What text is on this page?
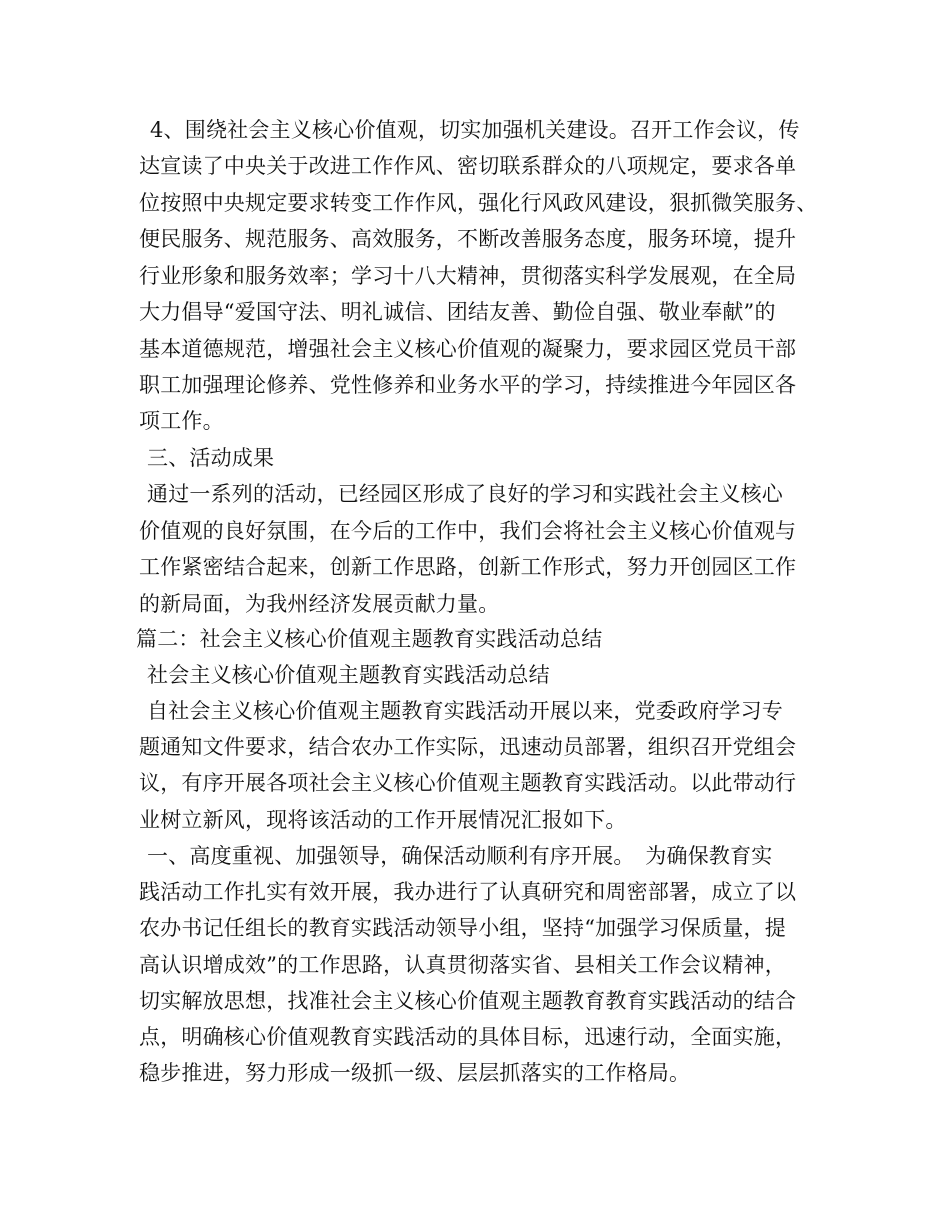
4、围绕社会主义核心价值观，切实加强机关建设。召开工作会议，传
达宣读了中央关于改进工作作风、密切联系群众的八项规定，要求各单
位按照中央规定要求转变工作作风，强化行风政风建设，狠抓微笑服务、
便民服务、规范服务、高效服务，不断改善服务态度，服务环境，提升
行业形象和服务效率；学习十八大精神，贯彻落实科学发展观，在全局
大力倡导“爱国守法、明礼诚信、团结友善、勤俭自强、敬业奉献”的
基本道德规范，增强社会主义核心价值观的凝聚力，要求园区党员干部
职工加强理论修养、党性修养和业务水平的学习，持续推进今年园区各
项工作。
三、活动成果
通过一系列的活动，已经园区形成了良好的学习和实践社会主义核心
价值观的良好氛围，在今后的工作中，我们会将社会主义核心价值观与
工作紧密结合起来，创新工作思路，创新工作形式，努力开创园区工作
的新局面，为我州经济发展贡献力量。
篇二：社会主义核心价值观主题教育实践活动总结
社会主义核心价值观主题教育实践活动总结
自社会主义核心价值观主题教育实践活动开展以来，党委政府学习专
题通知文件要求，结合农办工作实际，迅速动员部署，组织召开党组会
议，有序开展各项社会主义核心价值观主题教育实践活动。以此带动行
业树立新风，现将该活动的工作开展情况汇报如下。
一、高度重视、加强领导，确保活动顺利有序开展。　为确保教育实
践活动工作扎实有效开展，我办进行了认真研究和周密部署，成立了以
农办书记任组长的教育实践活动领导小组，坚持“加强学习保质量，提
高认识增成效”的工作思路，认真贯彻落实省、县相关工作会议精神，
切实解放思想，找准社会主义核心价值观主题教育教育实践活动的结合
点，明确核心价值观教育实践活动的具体目标，迅速行动，全面实施，
稳步推进，努力形成一级抓一级、层层抓落实的工作格局。
